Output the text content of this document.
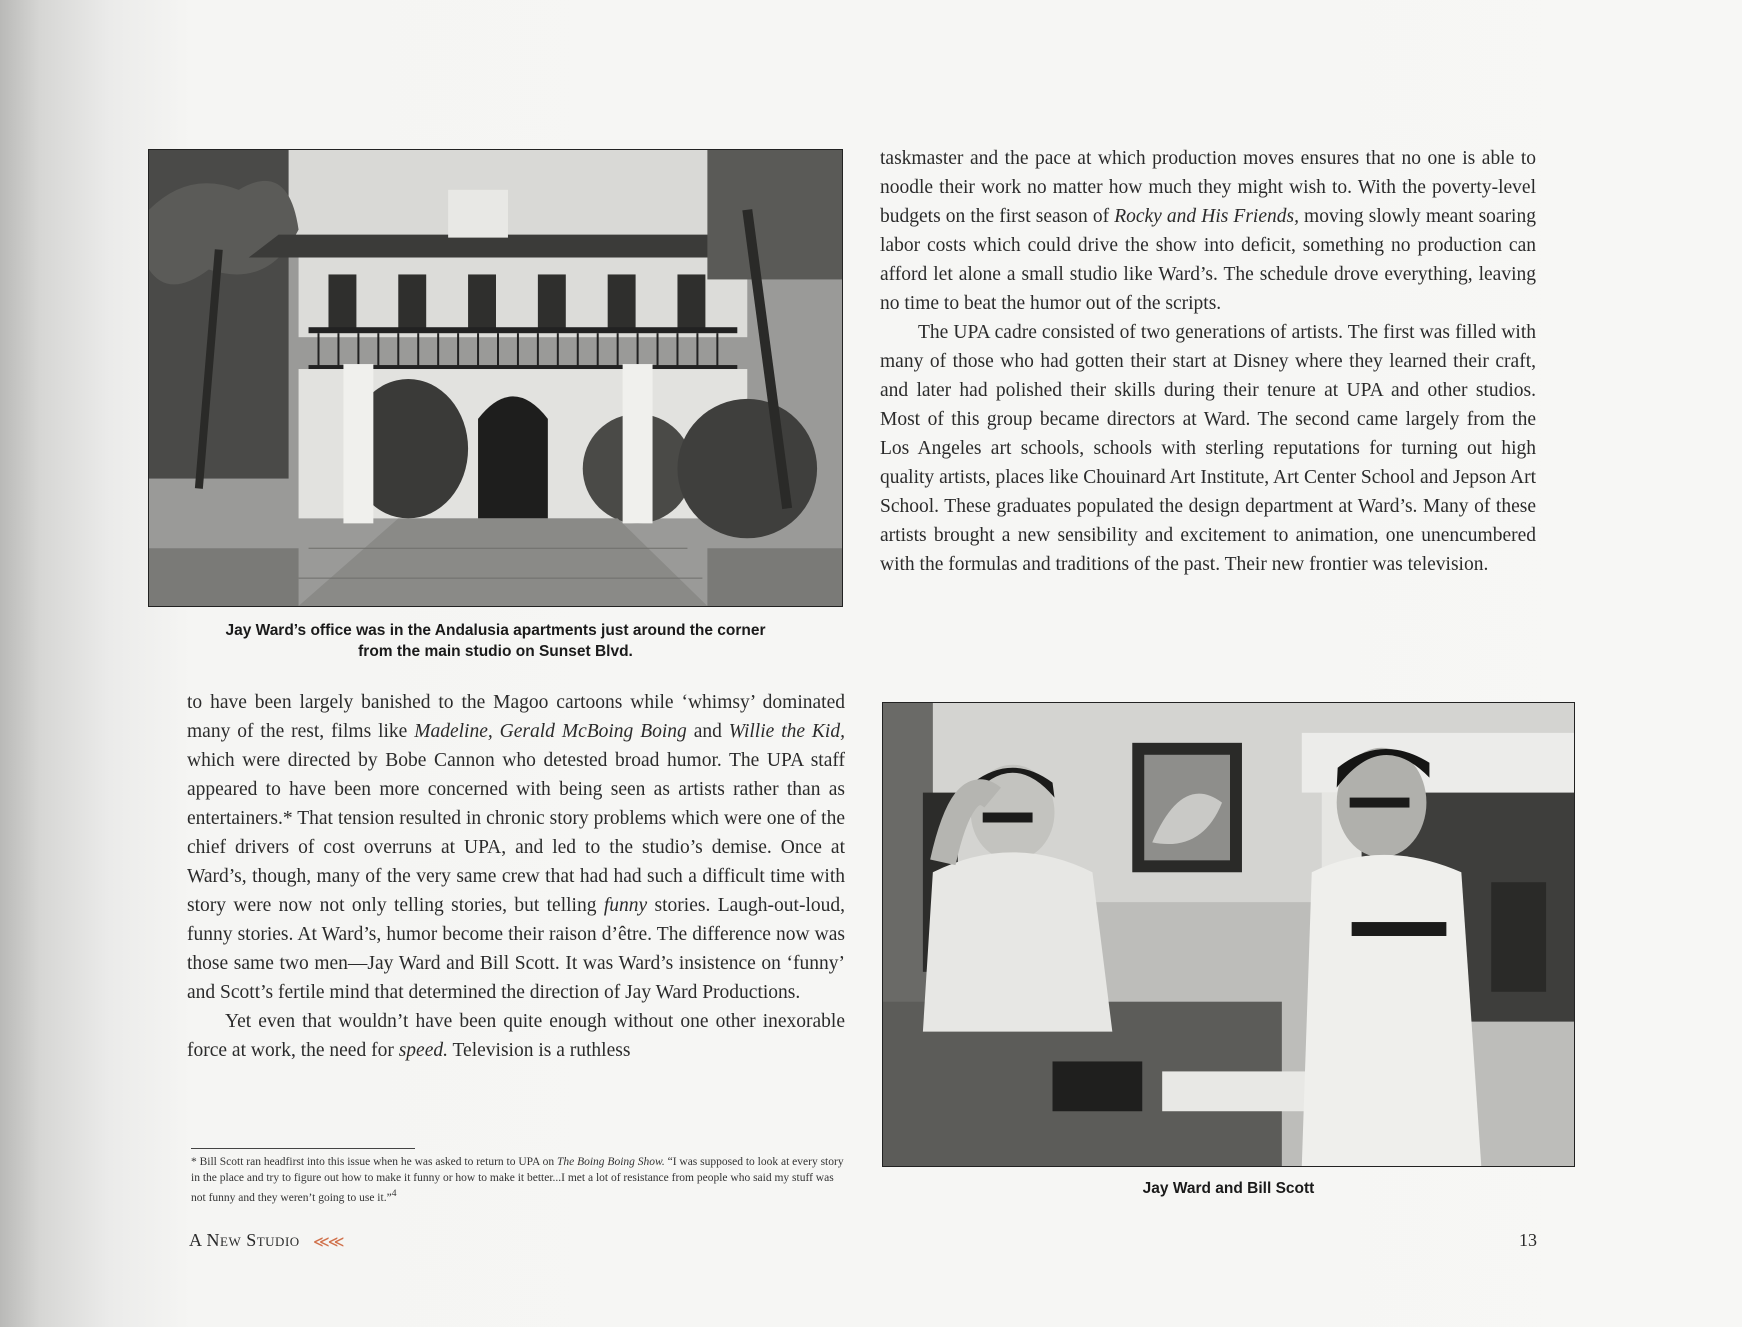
Jay Ward’s office was in the Andalusia apartments just around the corner
from the main studio on Sunset Blvd.

taskmaster and the pace at which production moves ensures that no one is able to noodle their work no matter how much they might wish to. With the poverty-level budgets on the first season of Rocky and His Friends, moving slowly meant soaring labor costs which could drive the show into deficit, something no production can afford let alone a small studio like Ward’s. The schedule drove everything, leaving no time to beat the humor out of the scripts.

The UPA cadre consisted of two generations of artists. The first was filled with many of those who had gotten their start at Disney where they learned their craft, and later had polished their skills during their tenure at UPA and other studios. Most of this group became directors at Ward. The second came largely from the Los Angeles art schools, schools with sterling reputations for turning out high quality artists, places like Chouinard Art Institute, Art Center School and Jepson Art School. These graduates populated the design department at Ward’s. Many of these artists brought a new sensibility and excitement to animation, one unencumbered with the formulas and traditions of the past. Their new frontier was television.

to have been largely banished to the Magoo cartoons while ‘whimsy’ dominated many of the rest, films like Madeline, Gerald McBoing Boing and Willie the Kid, which were directed by Bobe Cannon who detested broad humor. The UPA staff appeared to have been more concerned with being seen as artists rather than as entertainers.* That tension resulted in chronic story problems which were one of the chief drivers of cost overruns at UPA, and led to the studio’s demise. Once at Ward’s, though, many of the very same crew that had had such a difficult time with story were now not only telling stories, but telling funny stories. Laugh-out-loud, funny stories. At Ward’s, humor become their raison d’être. The difference now was those same two men—Jay Ward and Bill Scott. It was Ward’s insistence on ‘funny’ and Scott’s fertile mind that determined the direction of Jay Ward Productions.

Yet even that wouldn’t have been quite enough without one other inexorable force at work, the need for speed. Television is a ruthless

* Bill Scott ran headfirst into this issue when he was asked to return to UPA on The Boing Boing Show. “I was supposed to look at every story in the place and try to figure out how to make it funny or how to make it better...I met a lot of resistance from people who said my stuff was not funny and they weren’t going to use it.”$^4$	Jay Ward and Bill Scott
A New Studio ≪≪	13
